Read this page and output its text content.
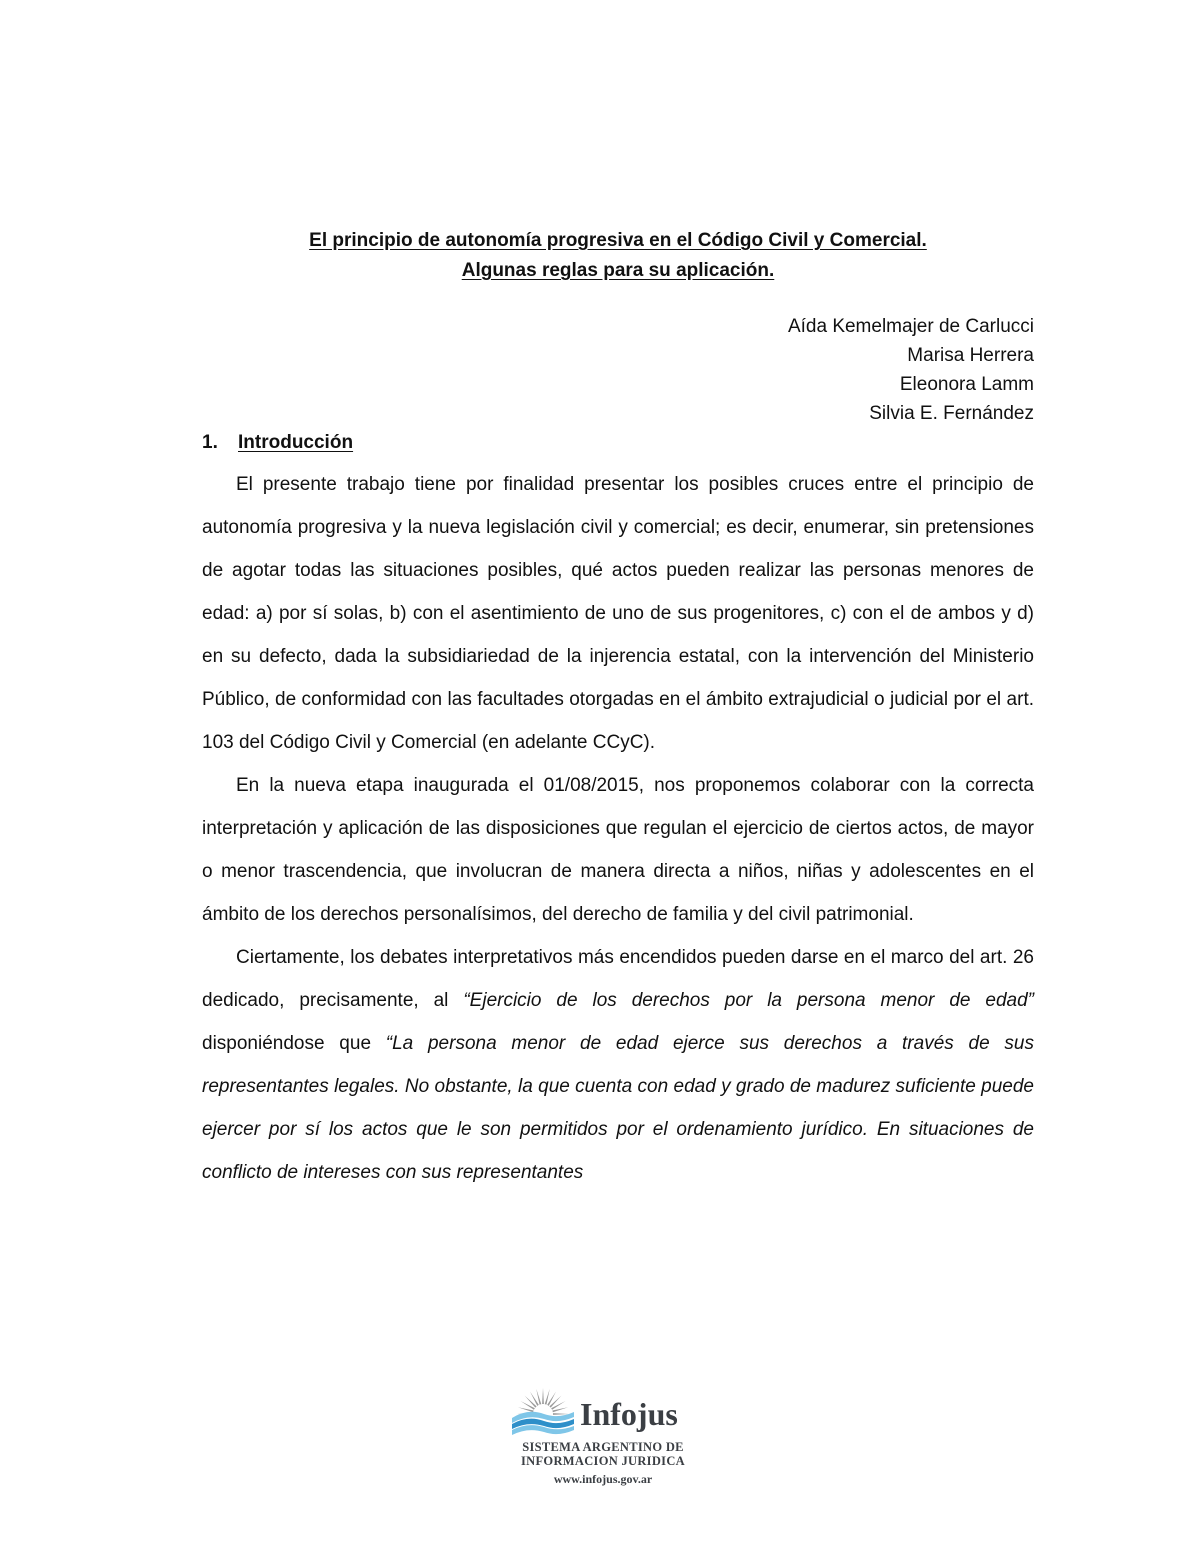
El principio de autonomía progresiva en el Código Civil y Comercial.
Algunas reglas para su aplicación.
Aída Kemelmajer de Carlucci
Marisa Herrera
Eleonora Lamm
Silvia E. Fernández
1. Introducción

El presente trabajo tiene por finalidad presentar los posibles cruces entre el principio de autonomía progresiva y la nueva legislación civil y comercial; es decir, enumerar, sin pretensiones de agotar todas las situaciones posibles, qué actos pueden realizar las personas menores de edad: a) por sí solas, b) con el asentimiento de uno de sus progenitores, c) con el de ambos y d) en su defecto, dada la subsidiariedad de la injerencia estatal, con la intervención del Ministerio Público, de conformidad con las facultades otorgadas en el ámbito extrajudicial o judicial por el art. 103 del Código Civil y Comercial (en adelante CCyC).

En la nueva etapa inaugurada el 01/08/2015, nos proponemos colaborar con la correcta interpretación y aplicación de las disposiciones que regulan el ejercicio de ciertos actos, de mayor o menor trascendencia, que involucran de manera directa a niños, niñas y adolescentes en el ámbito de los derechos personalísimos, del derecho de familia y del civil patrimonial.

Ciertamente, los debates interpretativos más encendidos pueden darse en el marco del art. 26 dedicado, precisamente, al “Ejercicio de los derechos por la persona menor de edad” disponiéndose que “La persona menor de edad ejerce sus derechos a través de sus representantes legales. No obstante, la que cuenta con edad y grado de madurez suficiente puede ejercer por sí los actos que le son permitidos por el ordenamiento jurídico. En situaciones de conflicto de intereses con sus representantes

Infojus
SISTEMA ARGENTINO DE
INFORMACION JURIDICA
www.infojus.gov.ar
